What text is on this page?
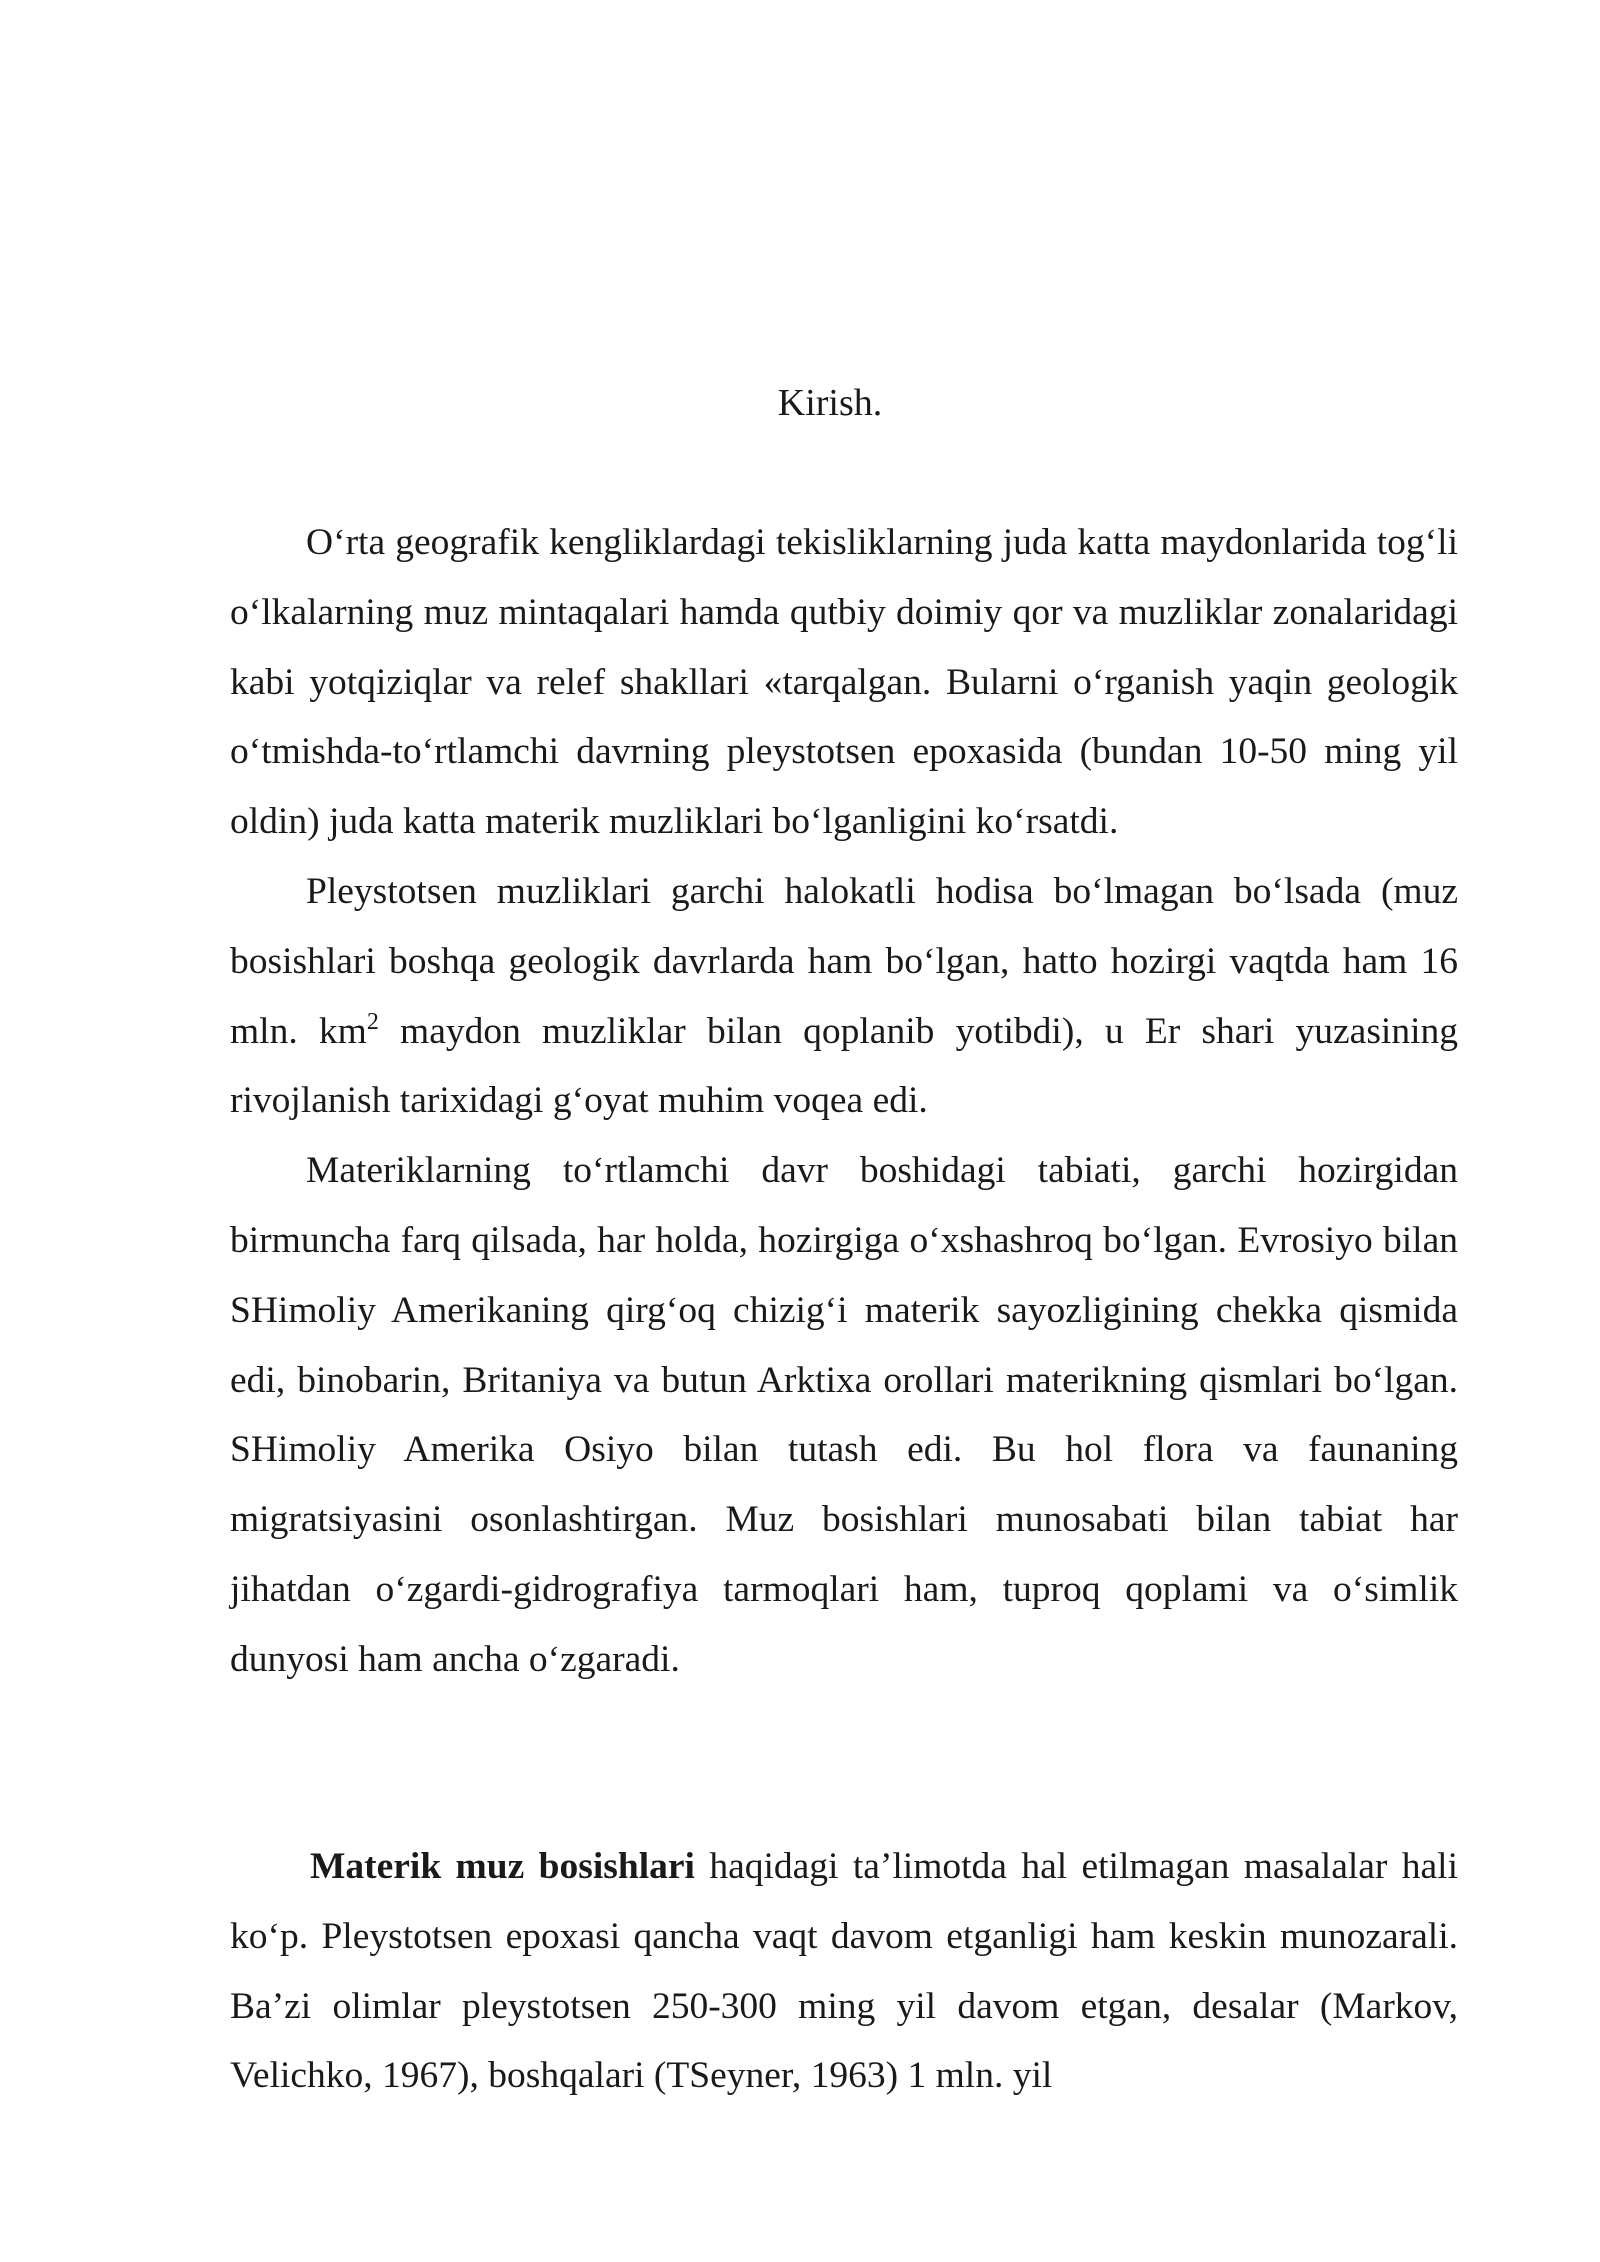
Kirish.

O‘rta geografik kengliklardagi tekisliklarning juda katta maydonlarida tog‘li o‘lkalarning muz mintaqalari hamda qutbiy doimiy qor va muzliklar zonalaridagi kabi yotqiziqlar va relef shakllari «tarqalgan. Bularni o‘rganish yaqin geologik o‘tmishda-to‘rtlamchi davrning pleystotsen epoxasida (bundan 10-50 ming yil oldin) juda katta materik muzliklari bo‘lganligini ko‘rsatdi.

Pleystotsen muzliklari garchi halokatli hodisa bo‘lmagan bo‘lsada (muz bosishlari boshqa geologik davrlarda ham bo‘lgan, hatto hozirgi vaqtda ham 16 mln. $km^2$ maydon muzliklar bilan qoplanib yotibdi), u Er shari yuzasining rivojlanish tarixidagi g‘oyat muhim voqea edi.

Materiklarning to‘rtlamchi davr boshidagi tabiati, garchi hozirgidan birmuncha farq qilsada, har holda, hozirgiga o‘xshashroq bo‘lgan. Evrosiyo bilan SHimoliy Amerikaning qirg‘oq chizig‘i materik sayozligining chekka qismida edi, binobarin, Britaniya va butun Arktixa orollari materikning qismlari bo‘lgan. SHimoliy Amerika Osiyo bilan tutash edi. Bu hol flora va faunaning migratsiyasini osonlashtirgan. Muz bosishlari munosabati bilan tabiat har jihatdan o‘zgardi-gidrografiya tarmoqlari ham, tuproq qoplami va o‘simlik dunyosi ham ancha o‘zgaradi.

Materik muz bosishlari haqidagi ta’limotda hal etilmagan masalalar hali ko‘p. Pleystotsen epoxasi qancha vaqt davom etganligi ham keskin munozarali. Ba’zi olimlar pleystotsen 250-300 ming yil davom etgan, desalar (Markov, Velichko, 1967), boshqalari (TSeyner, 1963) 1 mln. yil
